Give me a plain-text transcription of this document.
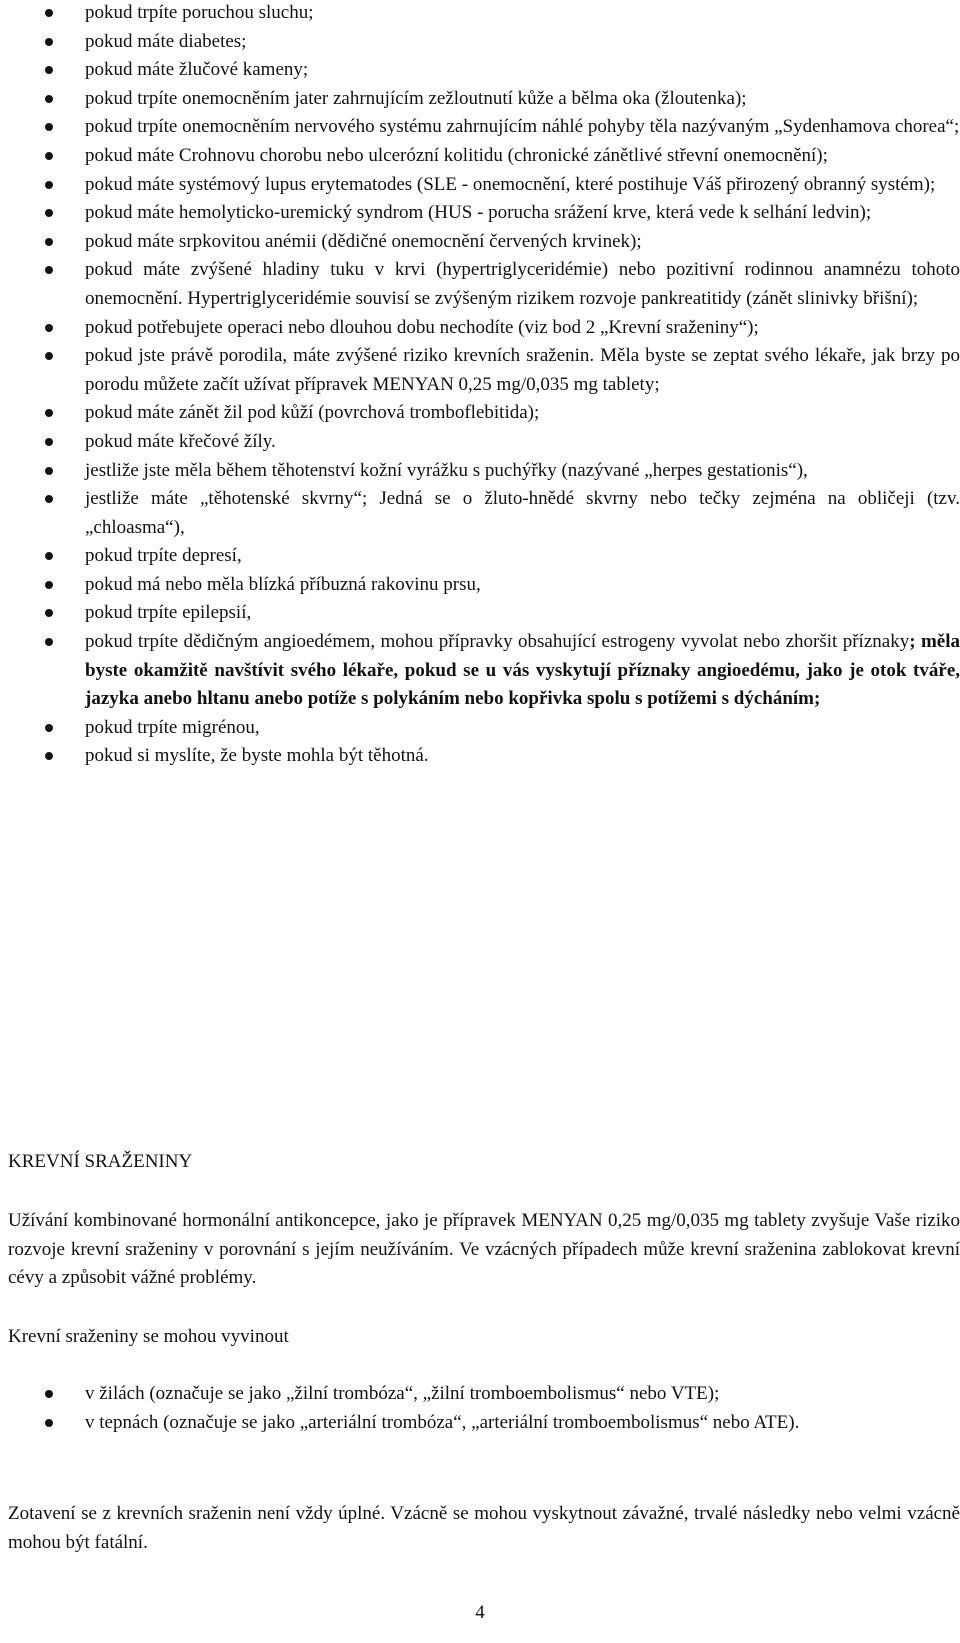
pokud trpíte poruchou sluchu;
pokud máte diabetes;
pokud máte žlučové kameny;
pokud trpíte onemocněním jater zahrnujícím zežloutnutí kůže a bělma oka (žloutenka);
pokud trpíte onemocněním nervového systému zahrnujícím náhlé pohyby těla nazývaným „Sydenhamova chorea“;
pokud máte Crohnovu chorobu nebo ulcerózní kolitidu (chronické zánětlivé střevní onemocnění);
pokud máte systémový lupus erytematodes (SLE - onemocnění, které postihuje Váš přirozený obranný systém);
pokud máte hemolyticko-uremický syndrom (HUS - porucha srážení krve, která vede k selhání ledvin);
pokud máte srpkovitou anémii (dědičné onemocnění červených krvinek);
pokud máte zvýšené hladiny tuku v krvi (hypertriglyceridémie) nebo pozitivní rodinnou anamnézu tohoto onemocnění. Hypertriglyceridémie souvisí se zvýšeným rizikem rozvoje pankreatitidy (zánět slinivky břišní);
pokud potřebujete operaci nebo dlouhou dobu nechodíte (viz bod 2 „Krevní sraženiny“);
pokud jste právě porodila, máte zvýšené riziko krevních sraženin. Měla byste se zeptat svého lékaře, jak brzy po porodu můžete začít užívat přípravek MENYAN 0,25 mg/0,035 mg tablety;
pokud máte zánět žil pod kůží (povrchová tromboflebitida);
pokud máte křečové žíly.
jestliže jste měla během těhotenství kožní vyrážku s puchýřky (nazývané „herpes gestationis“),
jestliže máte „těhotenské skvrny“; Jedná se o žluto-hnědé skvrny nebo tečky zejména na obličeji (tzv. „chloasma“),
pokud trpíte depresí,
pokud má nebo měla blízká příbuzná rakovinu prsu,
pokud trpíte epilepsií,
pokud trpíte dědičným angioedémem, mohou přípravky obsahující estrogeny vyvolat nebo zhoršit příznaky; měla byste okamžitě navštívit svého lékaře, pokud se u vás vyskytují příznaky angioedému, jako je otok tváře, jazyka anebo hltanu anebo potíže s polykáním nebo kopřivka spolu s potížemi s dýcháním;
pokud trpíte migrénou,
pokud si myslíte, že byste mohla být těhotná.
KREVNÍ SRAŽENINY

Užívání kombinované hormonální antikoncepce, jako je přípravek MENYAN 0,25 mg/0,035 mg tablety zvyšuje Vaše riziko rozvoje krevní sraženiny v porovnání s jejím neužíváním. Ve vzácných případech může krevní sraženina zablokovat krevní cévy a způsobit vážné problémy.

Krevní sraženiny se mohou vyvinout

v žilách (označuje se jako „žilní trombóza“, „žilní tromboembolismus“ nebo VTE);
v tepnách (označuje se jako „arteriální trombóza“, „arteriální tromboembolismus“ nebo ATE).

Zotavení se z krevních sraženin není vždy úplné. Vzácně se mohou vyskytnout závažné, trvalé následky nebo velmi vzácně mohou být fatální.

4
